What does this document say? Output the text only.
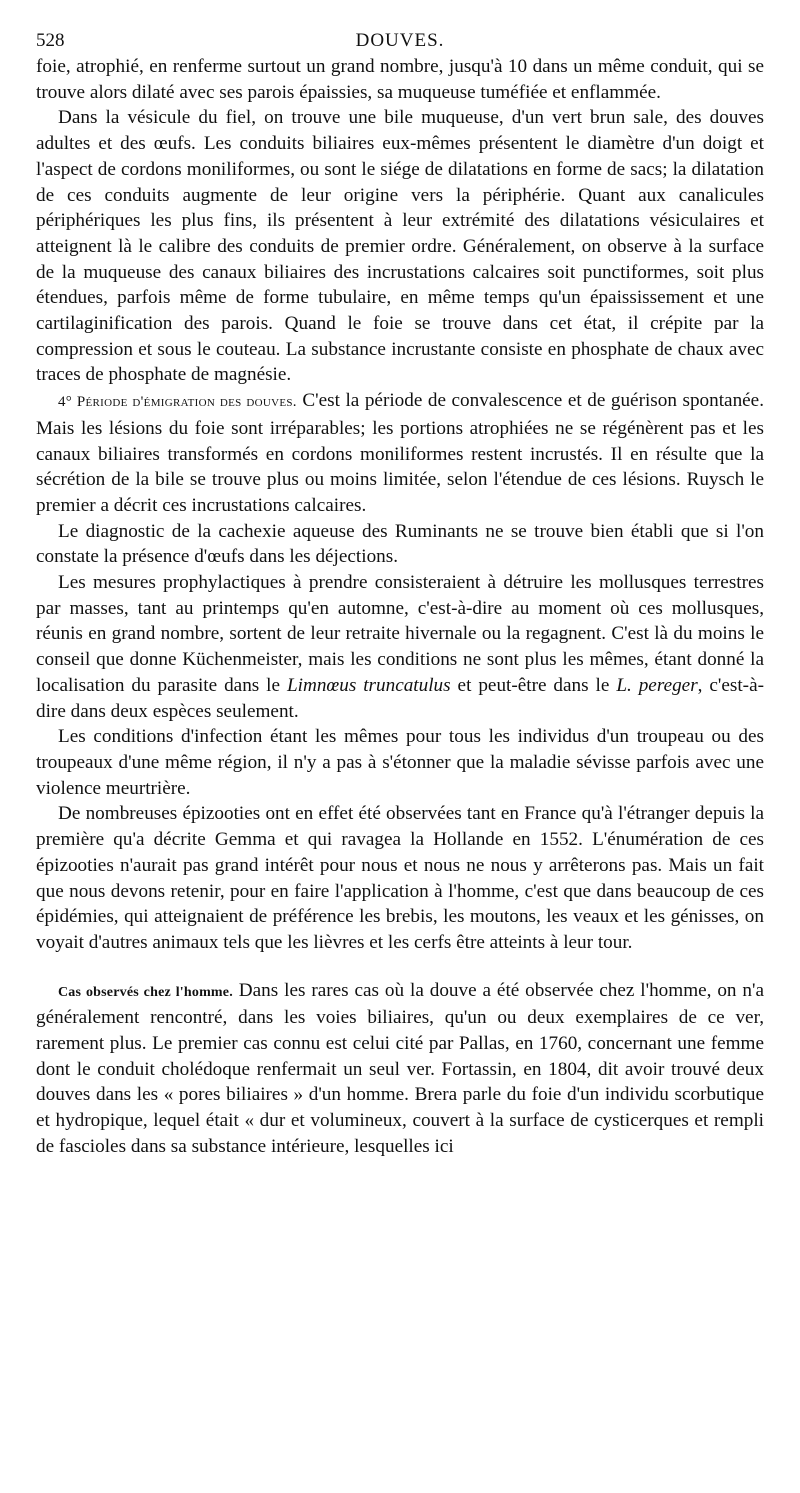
528	DOUVES.

foie, atrophié, en renferme surtout un grand nombre, jusqu'à 10 dans un même conduit, qui se trouve alors dilaté avec ses parois épaissies, sa muqueuse tuméfiée et enflammée.

Dans la vésicule du fiel, on trouve une bile muqueuse, d'un vert brun sale, des douves adultes et des œufs. Les conduits biliaires eux-mêmes présentent le diamètre d'un doigt et l'aspect de cordons moniliformes, ou sont le siége de dilatations en forme de sacs; la dilatation de ces conduits augmente de leur origine vers la périphérie. Quant aux canalicules périphériques les plus fins, ils présentent à leur extrémité des dilatations vésiculaires et atteignent là le calibre des conduits de premier ordre. Généralement, on observe à la surface de la muqueuse des canaux biliaires des incrustations calcaires soit punctiformes, soit plus étendues, parfois même de forme tubulaire, en même temps qu'un épaississement et une cartilaginification des parois. Quand le foie se trouve dans cet état, il crépite par la compression et sous le couteau. La substance incrustante consiste en phosphate de chaux avec traces de phosphate de magnésie.

4° Période d'émigration des douves. C'est la période de convalescence et de guérison spontanée. Mais les lésions du foie sont irréparables; les portions atrophiées ne se régénèrent pas et les canaux biliaires transformés en cordons moniliformes restent incrustés. Il en résulte que la sécrétion de la bile se trouve plus ou moins limitée, selon l'étendue de ces lésions. Ruysch le premier a décrit ces incrustations calcaires.

Le diagnostic de la cachexie aqueuse des Ruminants ne se trouve bien établi que si l'on constate la présence d'œufs dans les déjections.

Les mesures prophylactiques à prendre consisteraient à détruire les mollusques terrestres par masses, tant au printemps qu'en automne, c'est-à-dire au moment où ces mollusques, réunis en grand nombre, sortent de leur retraite hivernale ou la regagnent. C'est là du moins le conseil que donne Küchenmeister, mais les conditions ne sont plus les mêmes, étant donné la localisation du parasite dans le Limnœus truncatulus et peut-être dans le L. pereger, c'est-à-dire dans deux espèces seulement.

Les conditions d'infection étant les mêmes pour tous les individus d'un troupeau ou des troupeaux d'une même région, il n'y a pas à s'étonner que la maladie sévisse parfois avec une violence meurtrière.

De nombreuses épizooties ont en effet été observées tant en France qu'à l'étranger depuis la première qu'a décrite Gemma et qui ravagea la Hollande en 1552. L'énumération de ces épizooties n'aurait pas grand intérêt pour nous et nous ne nous y arrêterons pas. Mais un fait que nous devons retenir, pour en faire l'application à l'homme, c'est que dans beaucoup de ces épidémies, qui atteignaient de préférence les brebis, les moutons, les veaux et les génisses, on voyait d'autres animaux tels que les lièvres et les cerfs être atteints à leur tour.

Cas observés chez l'homme. Dans les rares cas où la douve a été observée chez l'homme, on n'a généralement rencontré, dans les voies biliaires, qu'un ou deux exemplaires de ce ver, rarement plus. Le premier cas connu est celui cité par Pallas, en 1760, concernant une femme dont le conduit cholédoque renfermait un seul ver. Fortassin, en 1804, dit avoir trouvé deux douves dans les « pores biliaires » d'un homme. Brera parle du foie d'un individu scorbutique et hydropique, lequel était « dur et volumineux, couvert à la surface de cysticerques et rempli de fascioles dans sa substance intérieure, lesquelles ici
